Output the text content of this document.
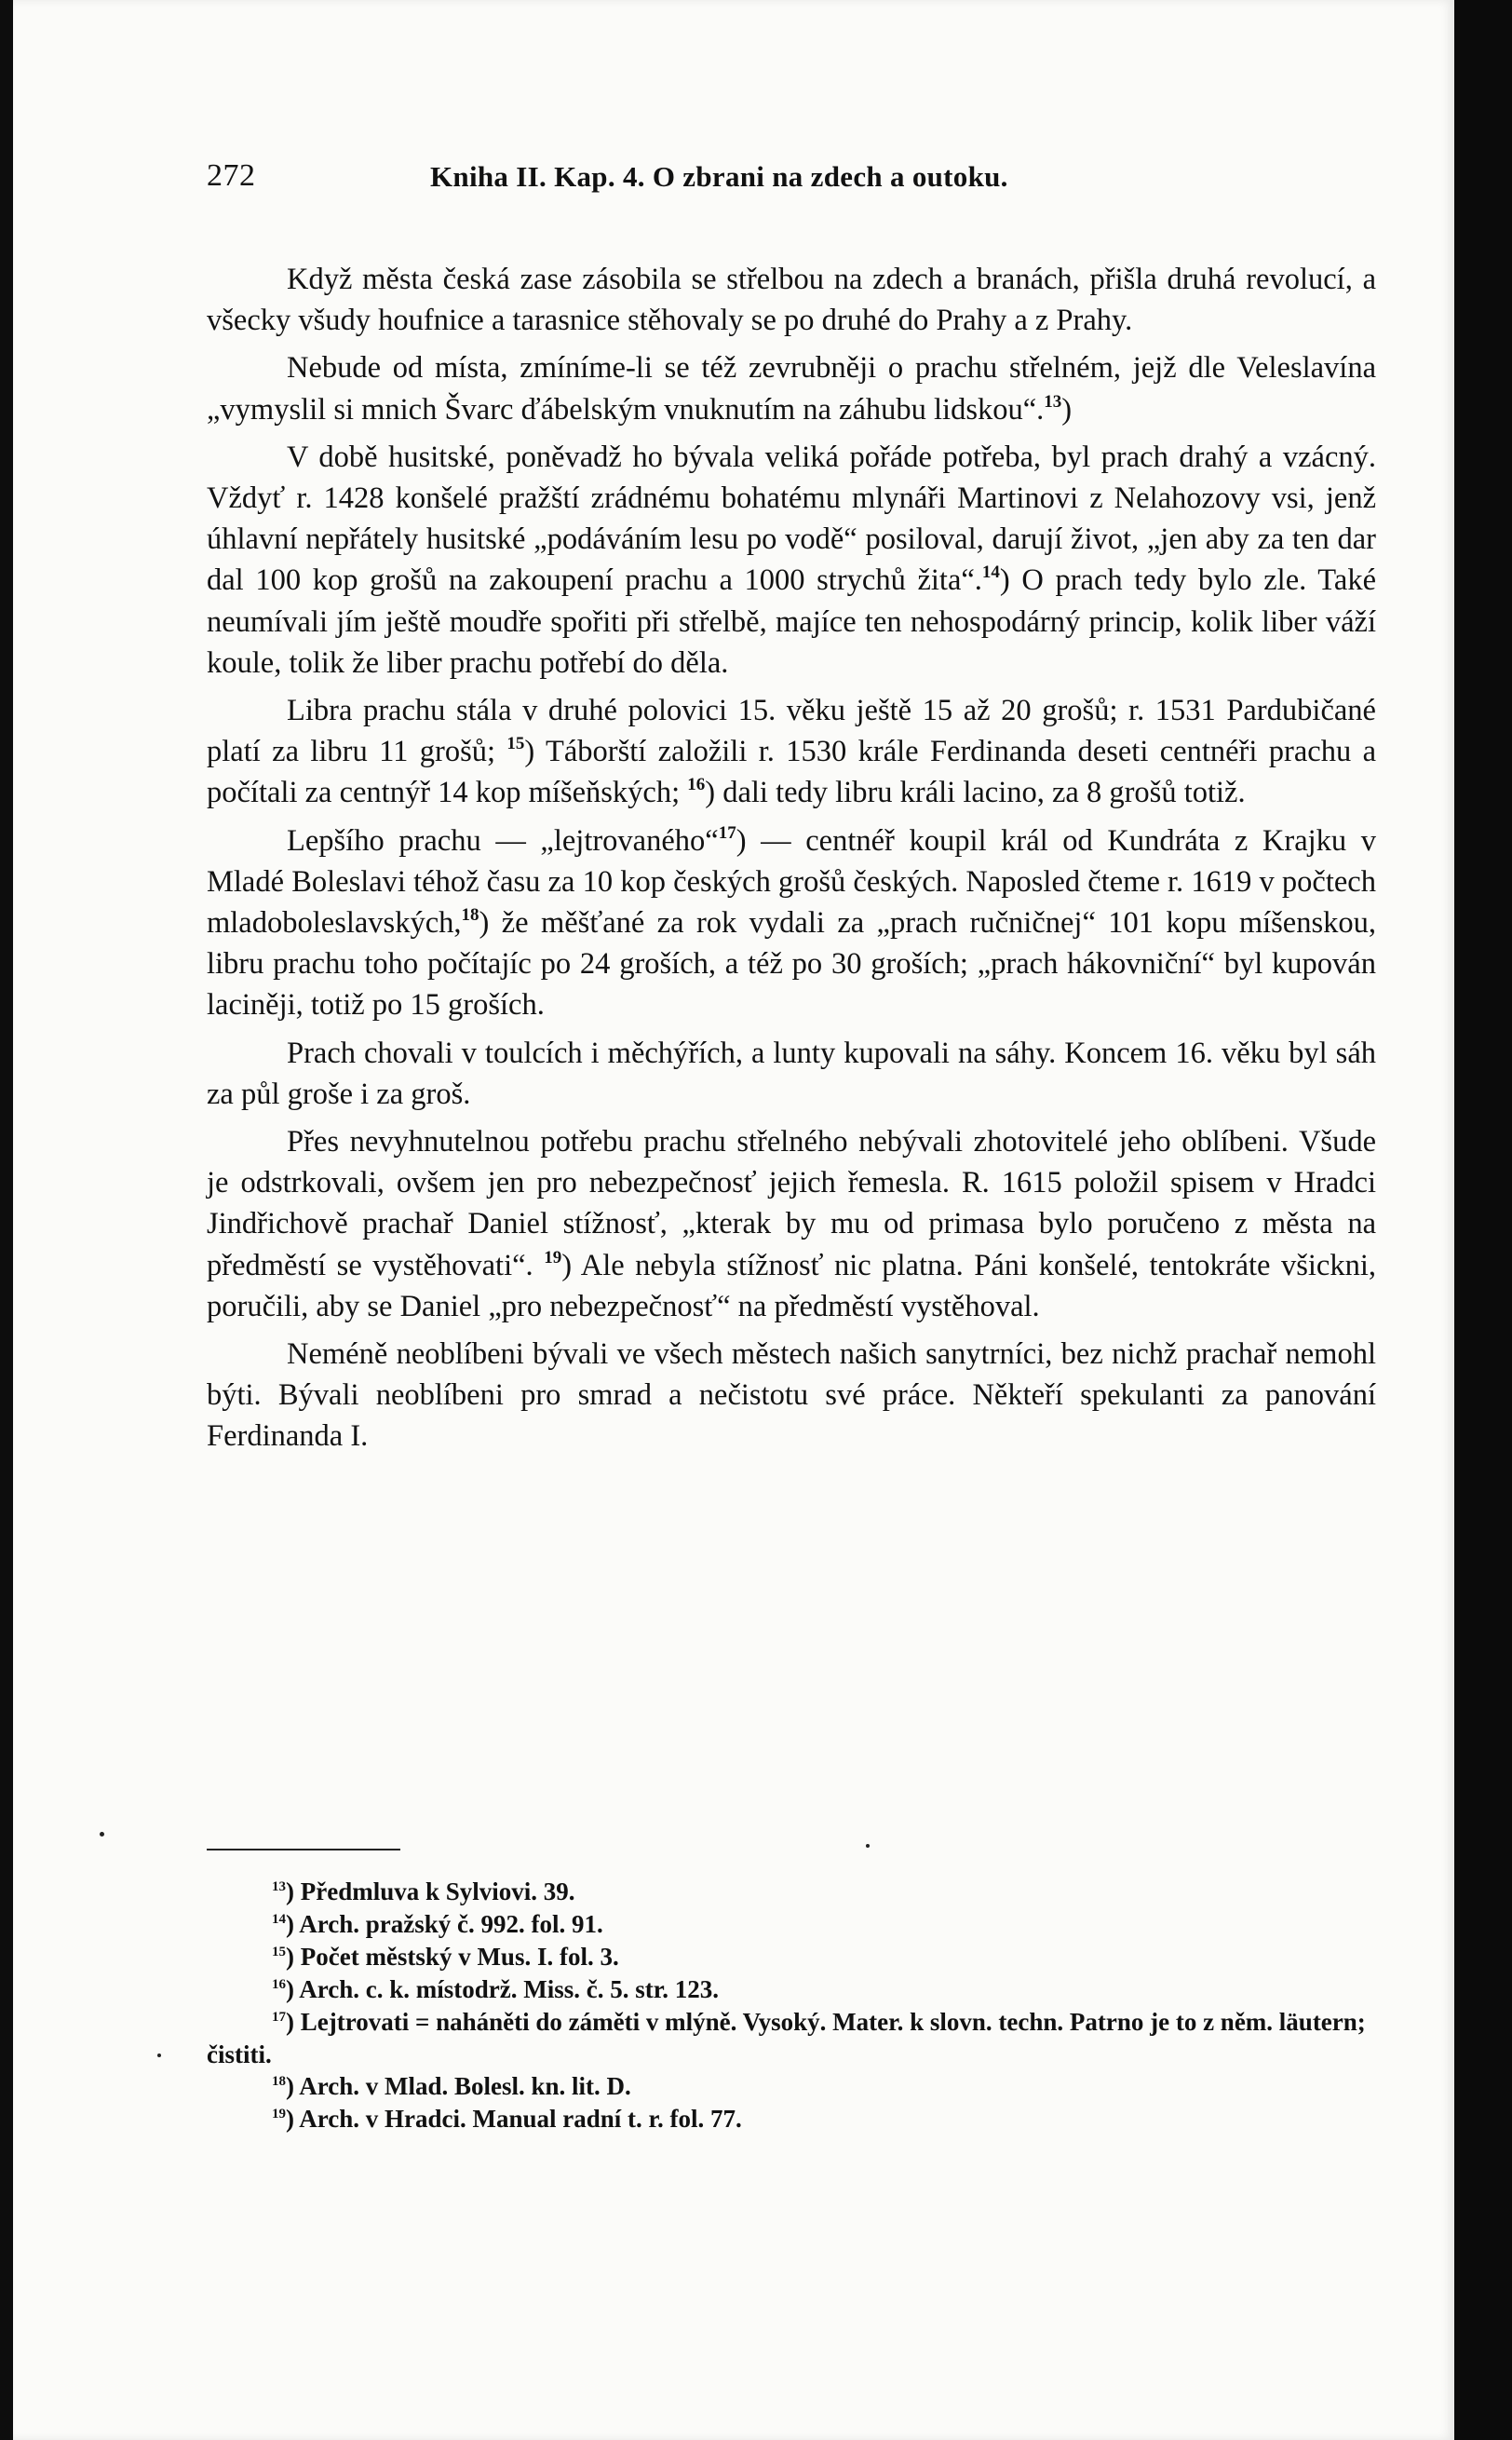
272	Kniha II. Kap. 4. O zbrani na zdech a outoku.

Když města česká zase zásobila se střelbou na zdech a branách, přišla druhá revolucí, a všecky všudy houfnice a tarasnice stěhovaly se po druhé do Prahy a z Prahy.

Nebude od místa, zmíníme-li se též zevrubněji o prachu střelném, jejž dle Veleslavína „vymyslil si mnich Švarc ďábelským vnuknutím na záhubu lidskou“.$^{13}$)

V době husitské, poněvadž ho bývala veliká pořáde potřeba, byl prach drahý a vzácný. Vždyť r. 1428 konšelé pražští zrádnému bohatému mlynáři Martinovi z Nelahozovy vsi, jenž úhlavní nepřátely husitské „podáváním lesu po vodě“ posiloval, darují život, „jen aby za ten dar dal 100 kop grošů na zakoupení prachu a 1000 strychů žita“.$^{14}$) O prach tedy bylo zle. Také neumívali jím ještě moudře spořiti při střelbě, majíce ten nehospodárný princip, kolik liber váží koule, tolik že liber prachu potřebí do děla.

Libra prachu stála v druhé polovici 15. věku ještě 15 až 20 grošů; r. 1531 Pardubičané platí za libru 11 grošů; $^{15}$) Táborští založili r. 1530 krále Ferdinanda deseti centnéři prachu a počítali za centnýř 14 kop míšeňských; $^{16}$) dali tedy libru králi lacino, za 8 grošů totiž.

Lepšího prachu — „lejtrovaného“$^{17}$) — centnéř koupil král od Kundráta z Krajku v Mladé Boleslavi téhož času za 10 kop českých grošů českých. Naposled čteme r. 1619 v počtech mladoboleslavských,$^{18}$) že měšťané za rok vydali za „prach ručničnej“ 101 kopu míšenskou, libru prachu toho počítajíc po 24 groších, a též po 30 groších; „prach hákovniční“ byl kupován laciněji, totiž po 15 groších.

Prach chovali v toulcích i měchýřích, a lunty kupovali na sáhy. Koncem 16. věku byl sáh za půl groše i za groš.

Přes nevyhnutelnou potřebu prachu střelného nebývali zhotovitelé jeho oblíbeni. Všude je odstrkovali, ovšem jen pro nebezpečnosť jejich řemesla. R. 1615 položil spisem v Hradci Jindřichově prachař Daniel stížnosť, „kterak by mu od primasa bylo poručeno z města na předměstí se vystěhovati“. $^{19}$) Ale nebyla stížnosť nic platna. Páni konšelé, tentokráte všickni, poručili, aby se Daniel „pro nebezpečnosť“ na předměstí vystěhoval.

Neméně neoblíbeni bývali ve všech městech našich sanytrníci, bez nichž prachař nemohl býti. Bývali neoblíbeni pro smrad a nečistotu své práce. Někteří spekulanti za panování Ferdinanda I.

$^{13}$) Předmluva k Sylviovi. 39.

$^{14}$) Arch. pražský č. 992. fol. 91.

$^{15}$) Počet městský v Mus. I. fol. 3.

$^{16}$) Arch. c. k. místodrž. Miss. č. 5. str. 123.

$^{17}$) Lejtrovati = naháněti do záměti v mlýně. Vysoký. Mater. k slovn. techn. Patrno je to z něm. läutern; čistiti.

$^{18}$) Arch. v Mlad. Bolesl. kn. lit. D.

$^{19}$) Arch. v Hradci. Manual radní t. r. fol. 77.
